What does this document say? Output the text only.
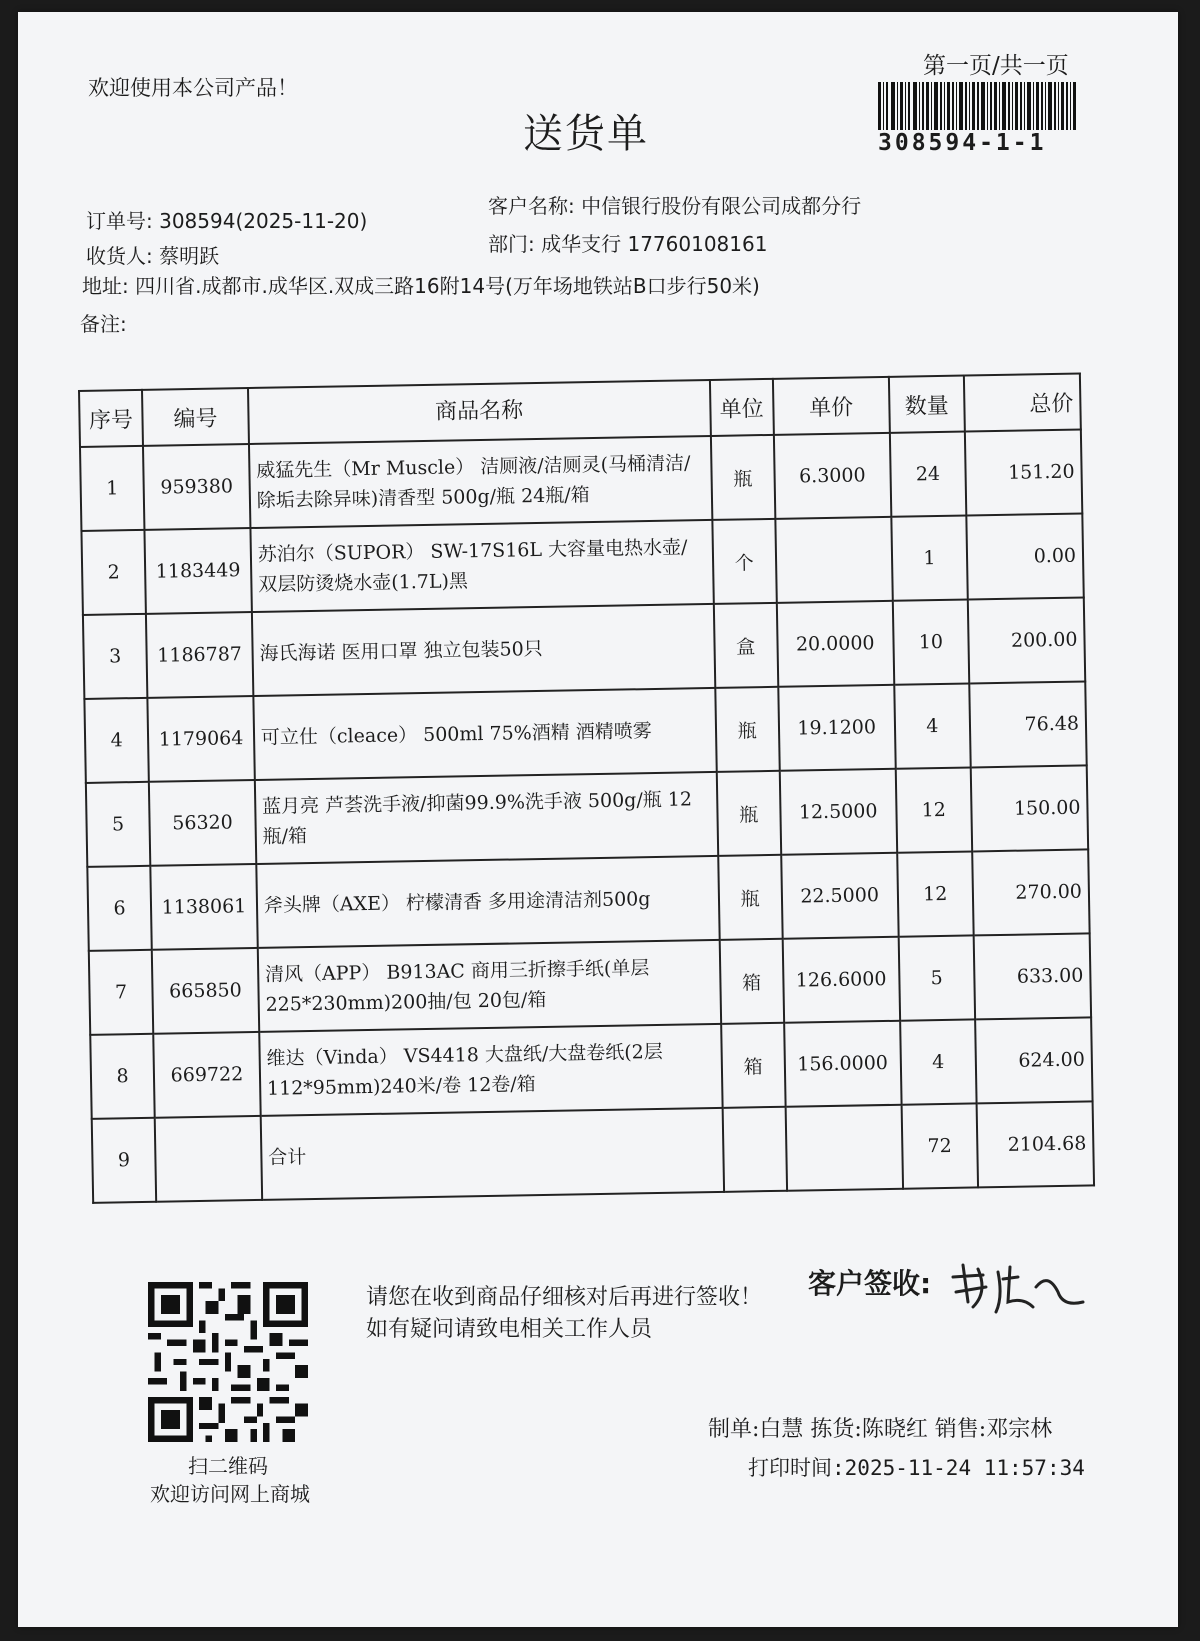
欢迎使用本公司产品！
送货单
第一页/共一页
308594-1-1
订单号: 308594(2025-11-20)
客户名称: 中信银行股份有限公司成都分行
收货人: 蔡明跃	部门: 成华支行 17760108161
地址: 四川省.成都市.成华区.双成三路16附14号(万年场地铁站B口步行50米)
备注:
序号	编号	商品名称	单位	单价	数量	总价
1	959380	威猛先生（Mr Muscle） 洁厕液/洁厕灵(马桶清洁/除垢去除异味)清香型 500g/瓶 24瓶/箱	瓶	6.3000	24	151.20
2	1183449	苏泊尔（SUPOR） SW-17S16L 大容量电热水壶/双层防烫烧水壶(1.7L)黑	个		1	0.00
3	1186787	海氏海诺 医用口罩 独立包装50只	盒	20.0000	10	200.00
4	1179064	可立仕（cleace） 500ml 75%酒精 酒精喷雾	瓶	19.1200	4	76.48
5	56320	蓝月亮 芦荟洗手液/抑菌99.9%洗手液 500g/瓶 12瓶/箱	瓶	12.5000	12	150.00
6	1138061	斧头牌（AXE） 柠檬清香 多用途清洁剂500g	瓶	22.5000	12	270.00
7	665850	清风（APP） B913AC 商用三折擦手纸(单层225*230mm)200抽/包 20包/箱	箱	126.6000	5	633.00
8	669722	维达（Vinda） VS4418 大盘纸/大盘卷纸(2层112*95mm)240米/卷 12卷/箱	箱	156.0000	4	624.00
9		合计			72	2104.68
扫二维码
欢迎访问网上商城
请您在收到商品仔细核对后再进行签收！如有疑问请致电相关工作人员
客户签收:
制单:白慧 拣货:陈晓红 销售:邓宗林
打印时间:2025-11-24 11:57:34
